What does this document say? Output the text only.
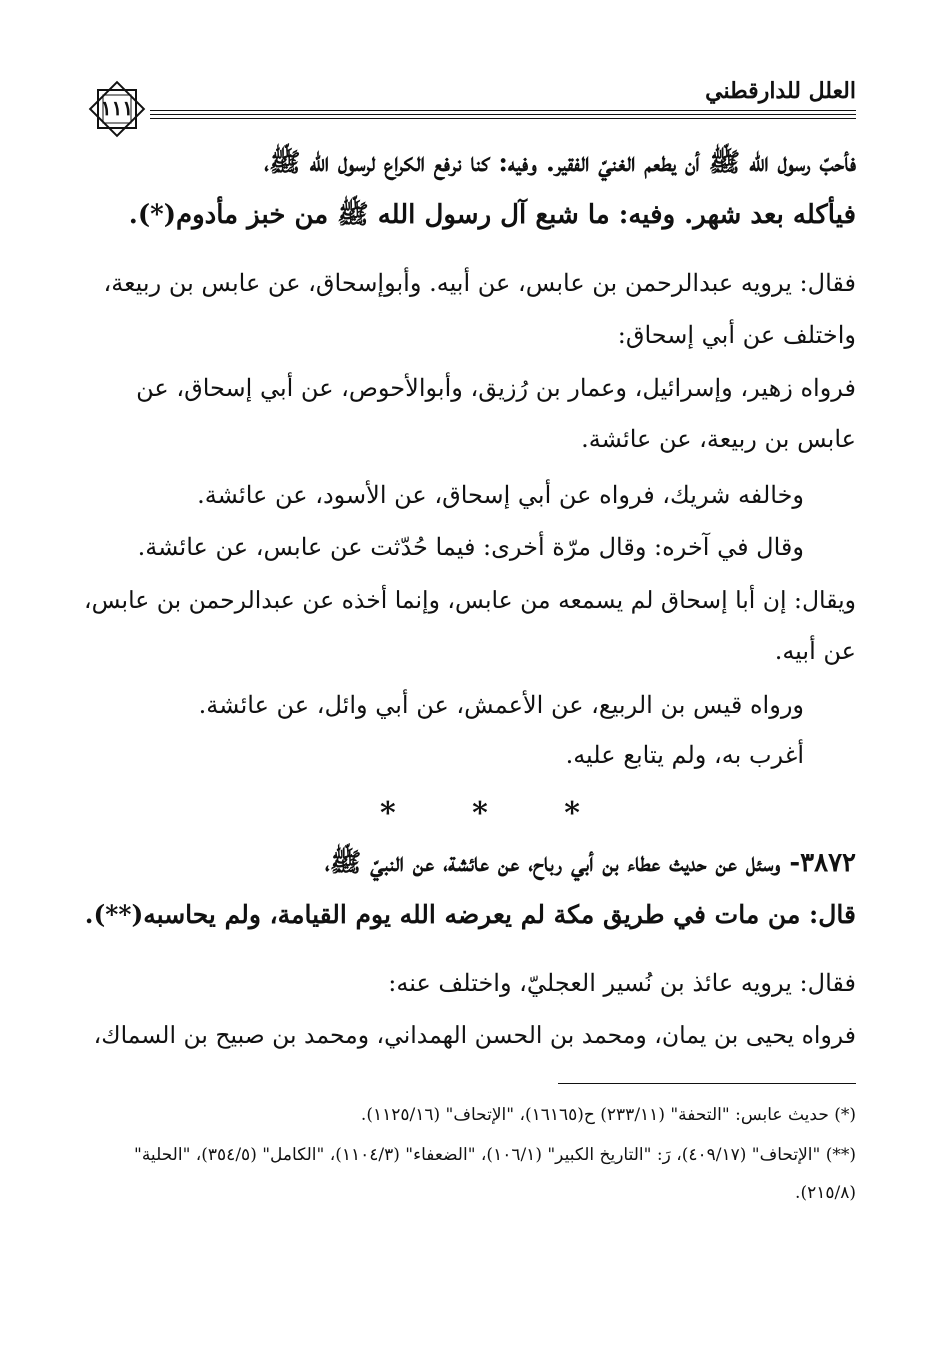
العلل للدارقطني
١١١
فأحبّ رسول الله ﷺ أن يطعم الغنيّ الفقير. وفيه: كنا نرفع الكراع لرسول الله ﷺ،
فيأكله بعد شهر. وفيه: ما شبع آل رسول الله ﷺ من خبز مأدوم(*).
فقال: يرويه عبدالرحمن بن عابس، عن أبيه. وأبوإسحاق، عن عابس بن ربيعة،
واختلف عن أبي إسحاق:
فرواه زهير، وإسرائيل، وعمار بن رُزيق، وأبوالأحوص، عن أبي إسحاق، عن
عابس بن ربيعة، عن عائشة.
وخالفه شريك، فرواه عن أبي إسحاق، عن الأسود، عن عائشة.
وقال في آخره: وقال مرّة أخرى: فيما حُدّثت عن عابس، عن عائشة.
ويقال: إن أبا إسحاق لم يسمعه من عابس، وإنما أخذه عن عبدالرحمن بن عابس،
عن أبيه.
ورواه قيس بن الربيع، عن الأعمش، عن أبي وائل، عن عائشة.
أغرب به، ولم يتابع عليه.
*	*	*
٣٨٧٢- وسئل عن حديث عطاء بن أبي رباح، عن عائشة، عن النبيّ ﷺ،
قال: من مات في طريق مكة لم يعرضه الله يوم القيامة، ولم يحاسبه(**).
فقال: يرويه عائذ بن نُسير العجليّ، واختلف عنه:
فرواه يحيى بن يمان، ومحمد بن الحسن الهمداني، ومحمد بن صبيح بن السماك،
(*) حديث عابس: "التحفة" (٢٣٣/١١) ح(١٦١٦٥)، "الإتحاف" (١١٢٥/١٦).
(**) "الإتحاف" (٤٠٩/١٧)، رَ: "التاريخ الكبير" (١٠٦/١)، "الضعفاء" (١١٠٤/٣)، "الكامل" (٣٥٤/٥)، "الحلية"
(٢١٥/٨).
